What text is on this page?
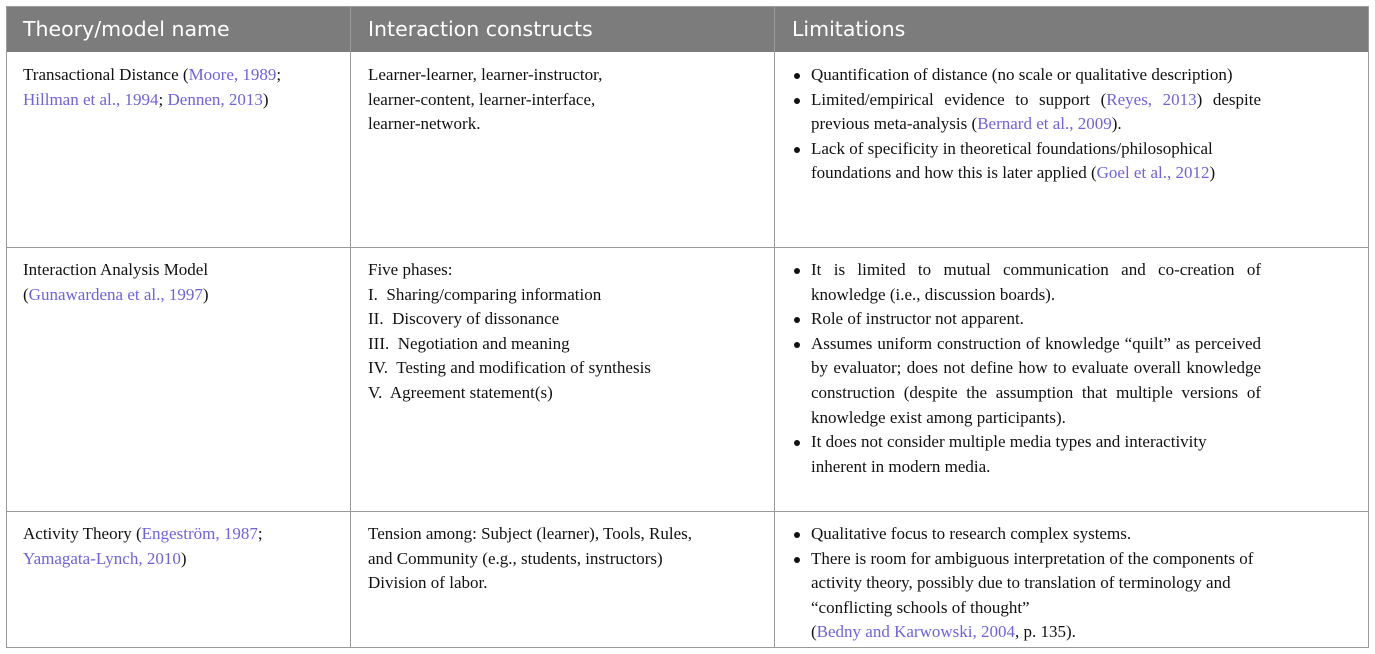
Theory/model name	Interaction constructs	Limitations
Transactional Distance (Moore, 1989;
Hillman et al., 1994; Dennen, 2013)
Learner-learner, learner-instructor,
learner-content, learner-interface,
learner-network.
Quantification of distance (no scale or qualitative description)
Limited/empirical evidence to support (Reyes, 2013) despite previous meta-analysis (Bernard et al., 2009).
Lack of specificity in theoretical foundations/philosophical foundations and how this is later applied (Goel et al., 2012)
Interaction Analysis Model
(Gunawardena et al., 1997)
Five phases:
I.  Sharing/comparing information
II.  Discovery of dissonance
III.  Negotiation and meaning
IV.  Testing and modification of synthesis
V.  Agreement statement(s)
It is limited to mutual communication and co-creation of knowledge (i.e., discussion boards).
Role of instructor not apparent.
Assumes uniform construction of knowledge “quilt” as perceived by evaluator; does not define how to evaluate overall knowledge construction (despite the assumption that multiple versions of knowledge exist among participants).
It does not consider multiple media types and interactivity inherent in modern media.
Activity Theory (Engeström, 1987;
Yamagata-Lynch, 2010)
Tension among: Subject (learner), Tools, Rules,
and Community (e.g., students, instructors)
Division of labor.
Qualitative focus to research complex systems.
There is room for ambiguous interpretation of the components of activity theory, possibly due to translation of terminology and “conflicting schools of thought”
(Bedny and Karwowski, 2004, p. 135).
